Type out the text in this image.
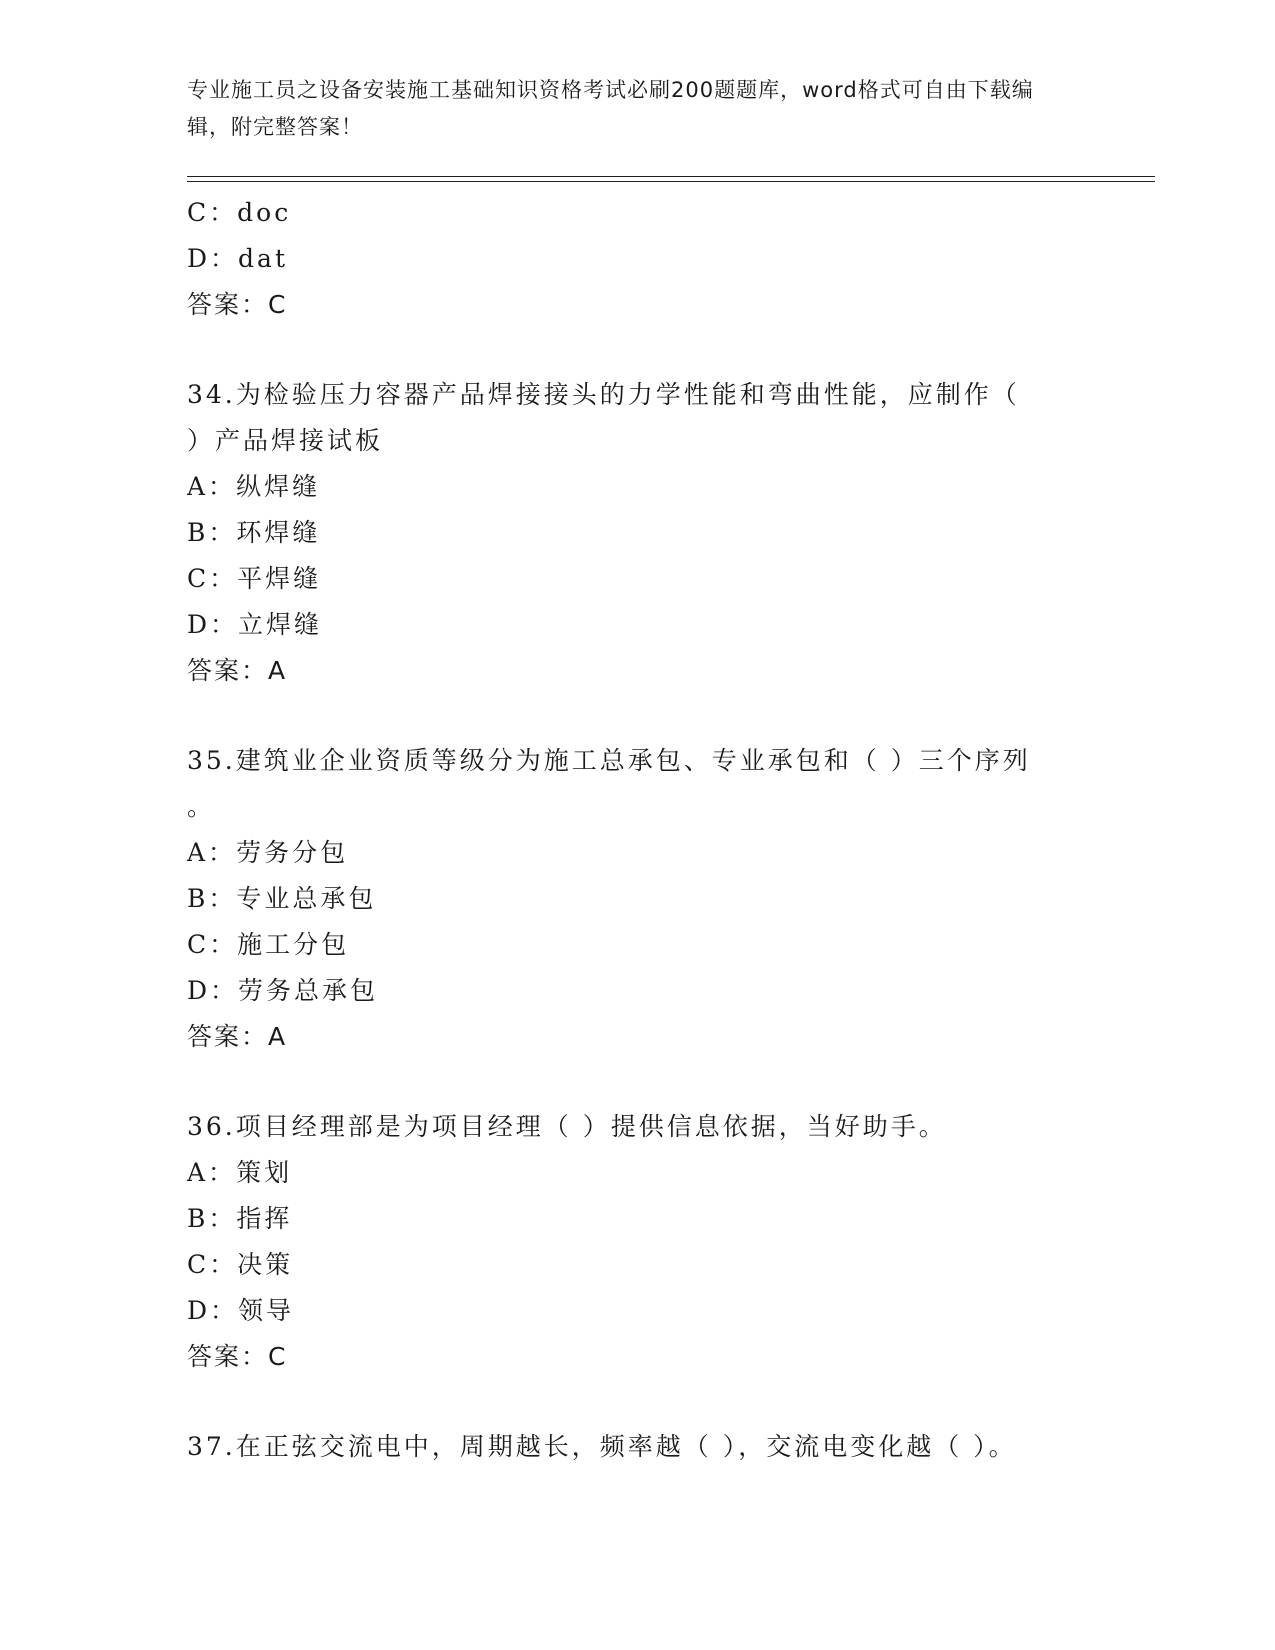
专业施工员之设备安装施工基础知识资格考试必刷200题题库，word格式可自由下载编辑，附完整答案！
C：doc
D：dat
答案：C
34.为检验压力容器产品焊接接头的力学性能和弯曲性能，应制作（
）产品焊接试板
A：纵焊缝
B：环焊缝
C：平焊缝
D：立焊缝
答案：A
35.建筑业企业资质等级分为施工总承包、专业承包和（ ）三个序列
。
A：劳务分包
B：专业总承包
C：施工分包
D：劳务总承包
答案：A
36.项目经理部是为项目经理（ ）提供信息依据，当好助手。
A：策划
B：指挥
C：决策
D：领导
答案：C
37.在正弦交流电中，周期越长，频率越（ ），交流电变化越（ ）。
